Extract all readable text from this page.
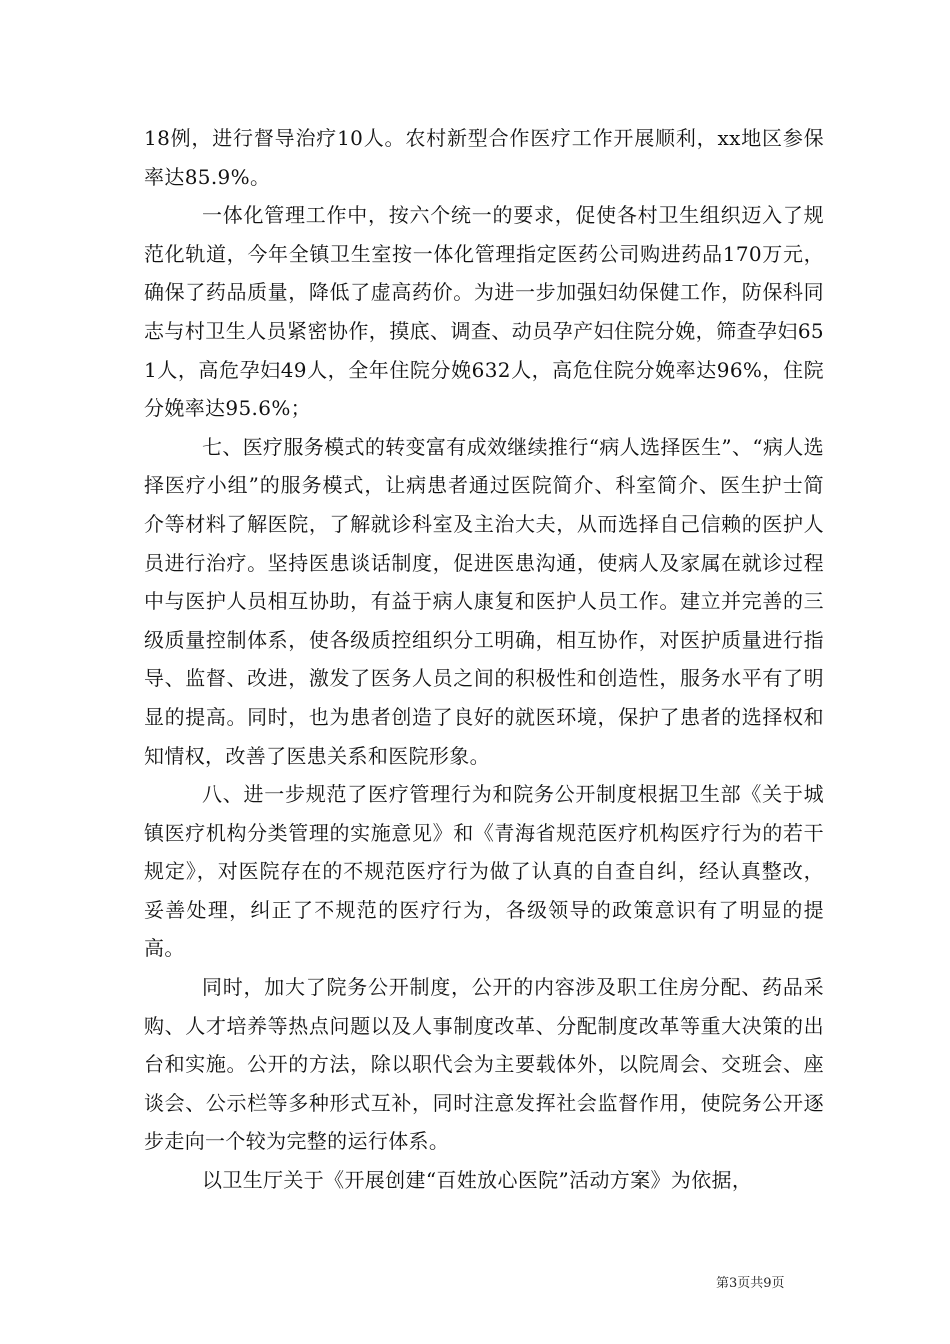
18例，进行督导治疗10人。农村新型合作医疗工作开展顺利，xx地区参保率达85.9%。

一体化管理工作中，按六个统一的要求，促使各村卫生组织迈入了规范化轨道，今年全镇卫生室按一体化管理指定医药公司购进药品170万元，确保了药品质量，降低了虚高药价。为进一步加强妇幼保健工作，防保科同志与村卫生人员紧密协作，摸底、调查、动员孕产妇住院分娩，筛查孕妇651人，高危孕妇49人，全年住院分娩632人，高危住院分娩率达96%，住院分娩率达95.6%；

七、医疗服务模式的转变富有成效继续推行“病人选择医生”、“病人选择医疗小组”的服务模式，让病患者通过医院简介、科室简介、医生护士简介等材料了解医院，了解就诊科室及主治大夫，从而选择自己信赖的医护人员进行治疗。坚持医患谈话制度，促进医患沟通，使病人及家属在就诊过程中与医护人员相互协助，有益于病人康复和医护人员工作。建立并完善的三级质量控制体系，使各级质控组织分工明确，相互协作，对医护质量进行指导、监督、改进，激发了医务人员之间的积极性和创造性，服务水平有了明显的提高。同时，也为患者创造了良好的就医环境，保护了患者的选择权和知情权，改善了医患关系和医院形象。

八、进一步规范了医疗管理行为和院务公开制度根据卫生部《关于城镇医疗机构分类管理的实施意见》和《青海省规范医疗机构医疗行为的若干规定》，对医院存在的不规范医疗行为做了认真的自查自纠，经认真整改，妥善处理，纠正了不规范的医疗行为，各级领导的政策意识有了明显的提高。

同时，加大了院务公开制度，公开的内容涉及职工住房分配、药品采购、人才培养等热点问题以及人事制度改革、分配制度改革等重大决策的出台和实施。公开的方法，除以职代会为主要载体外，以院周会、交班会、座谈会、公示栏等多种形式互补，同时注意发挥社会监督作用，使院务公开逐步走向一个较为完整的运行体系。

以卫生厅关于《开展创建“百姓放心医院”活动方案》为依据，

第3页共9页
